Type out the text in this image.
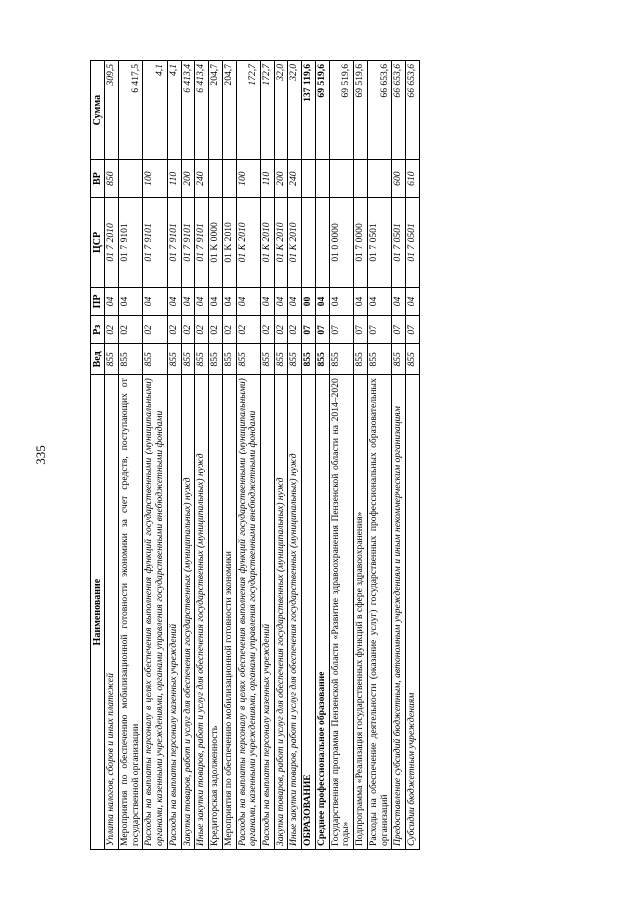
335
Наименование	Вед	Рз	ПР	ЦСР	ВР	Сумма
Уплата налогов, сборов и иных платежей	855	02	04	01 7 2010	850	309,5
Мероприятия по обеспечению мобилизационной готовности экономики за счет средств, поступающих от государственной организации	855	02	04	01 7 9101		6 417,5
Расходы на выплаты персоналу в целях обеспечения выполнения функций государственными (муниципальными) органами, казенными учреждениями, органами управления государственными внебюджетными фондами	855	02	04	01 7 9101	100	4,1
Расходы на выплаты персоналу казенных учреждений	855	02	04	01 7 9101	110	4,1
Закупка товаров, работ и услуг для обеспечения государственных (муниципальных) нужд	855	02	04	01 7 9101	200	6 413,4
Иные закупки товаров, работ и услуг для обеспечения государственных (муниципальных) нужд	855	02	04	01 7 9101	240	6 413,4
Кредиторская задолженность	855	02	04	01 K 0000		204,7
Мероприятия по обеспечению мобилизационной готовности экономики	855	02	04	01 K 2010		204,7
Расходы на выплаты персоналу в целях обеспечения выполнения функций государственными (муниципальными) органами, казенными учреждениями, органами управления государственными внебюджетными фондами	855	02	04	01 K 2010	100	172,7
Расходы на выплаты персоналу казенных учреждений	855	02	04	01 K 2010	110	172,7
Закупка товаров, работ и услуг для обеспечения государственных (муниципальных) нужд	855	02	04	01 K 2010	200	32,0
Иные закупки товаров, работ и услуг для обеспечения государственных (муниципальных) нужд	855	02	04	01 K 2010	240	32,0
ОБРАЗОВАНИЕ	855	07	00			137 119,6
Среднее профессиональное образование	855	07	04			69 519,6
Государственная программа Пензенской области «Развитие здравоохранения Пензенской области на 2014–2020 годы»	855	07	04	01 0 0000		69 519,6
Подпрограмма «Реализация государственных функций в сфере здравоохранения»	855	07	04	01 7 0000		69 519,6
Расходы на обеспечение деятельности (оказание услуг) государственных профессиональных образовательных организаций	855	07	04	01 7 0501		66 653,6
Предоставление субсидий бюджетным, автономным учреждениям и иным некоммерческим организациям	855	07	04	01 7 0501	600	66 653,6
Субсидии бюджетным учреждениям	855	07	04	01 7 0501	610	66 653,6
